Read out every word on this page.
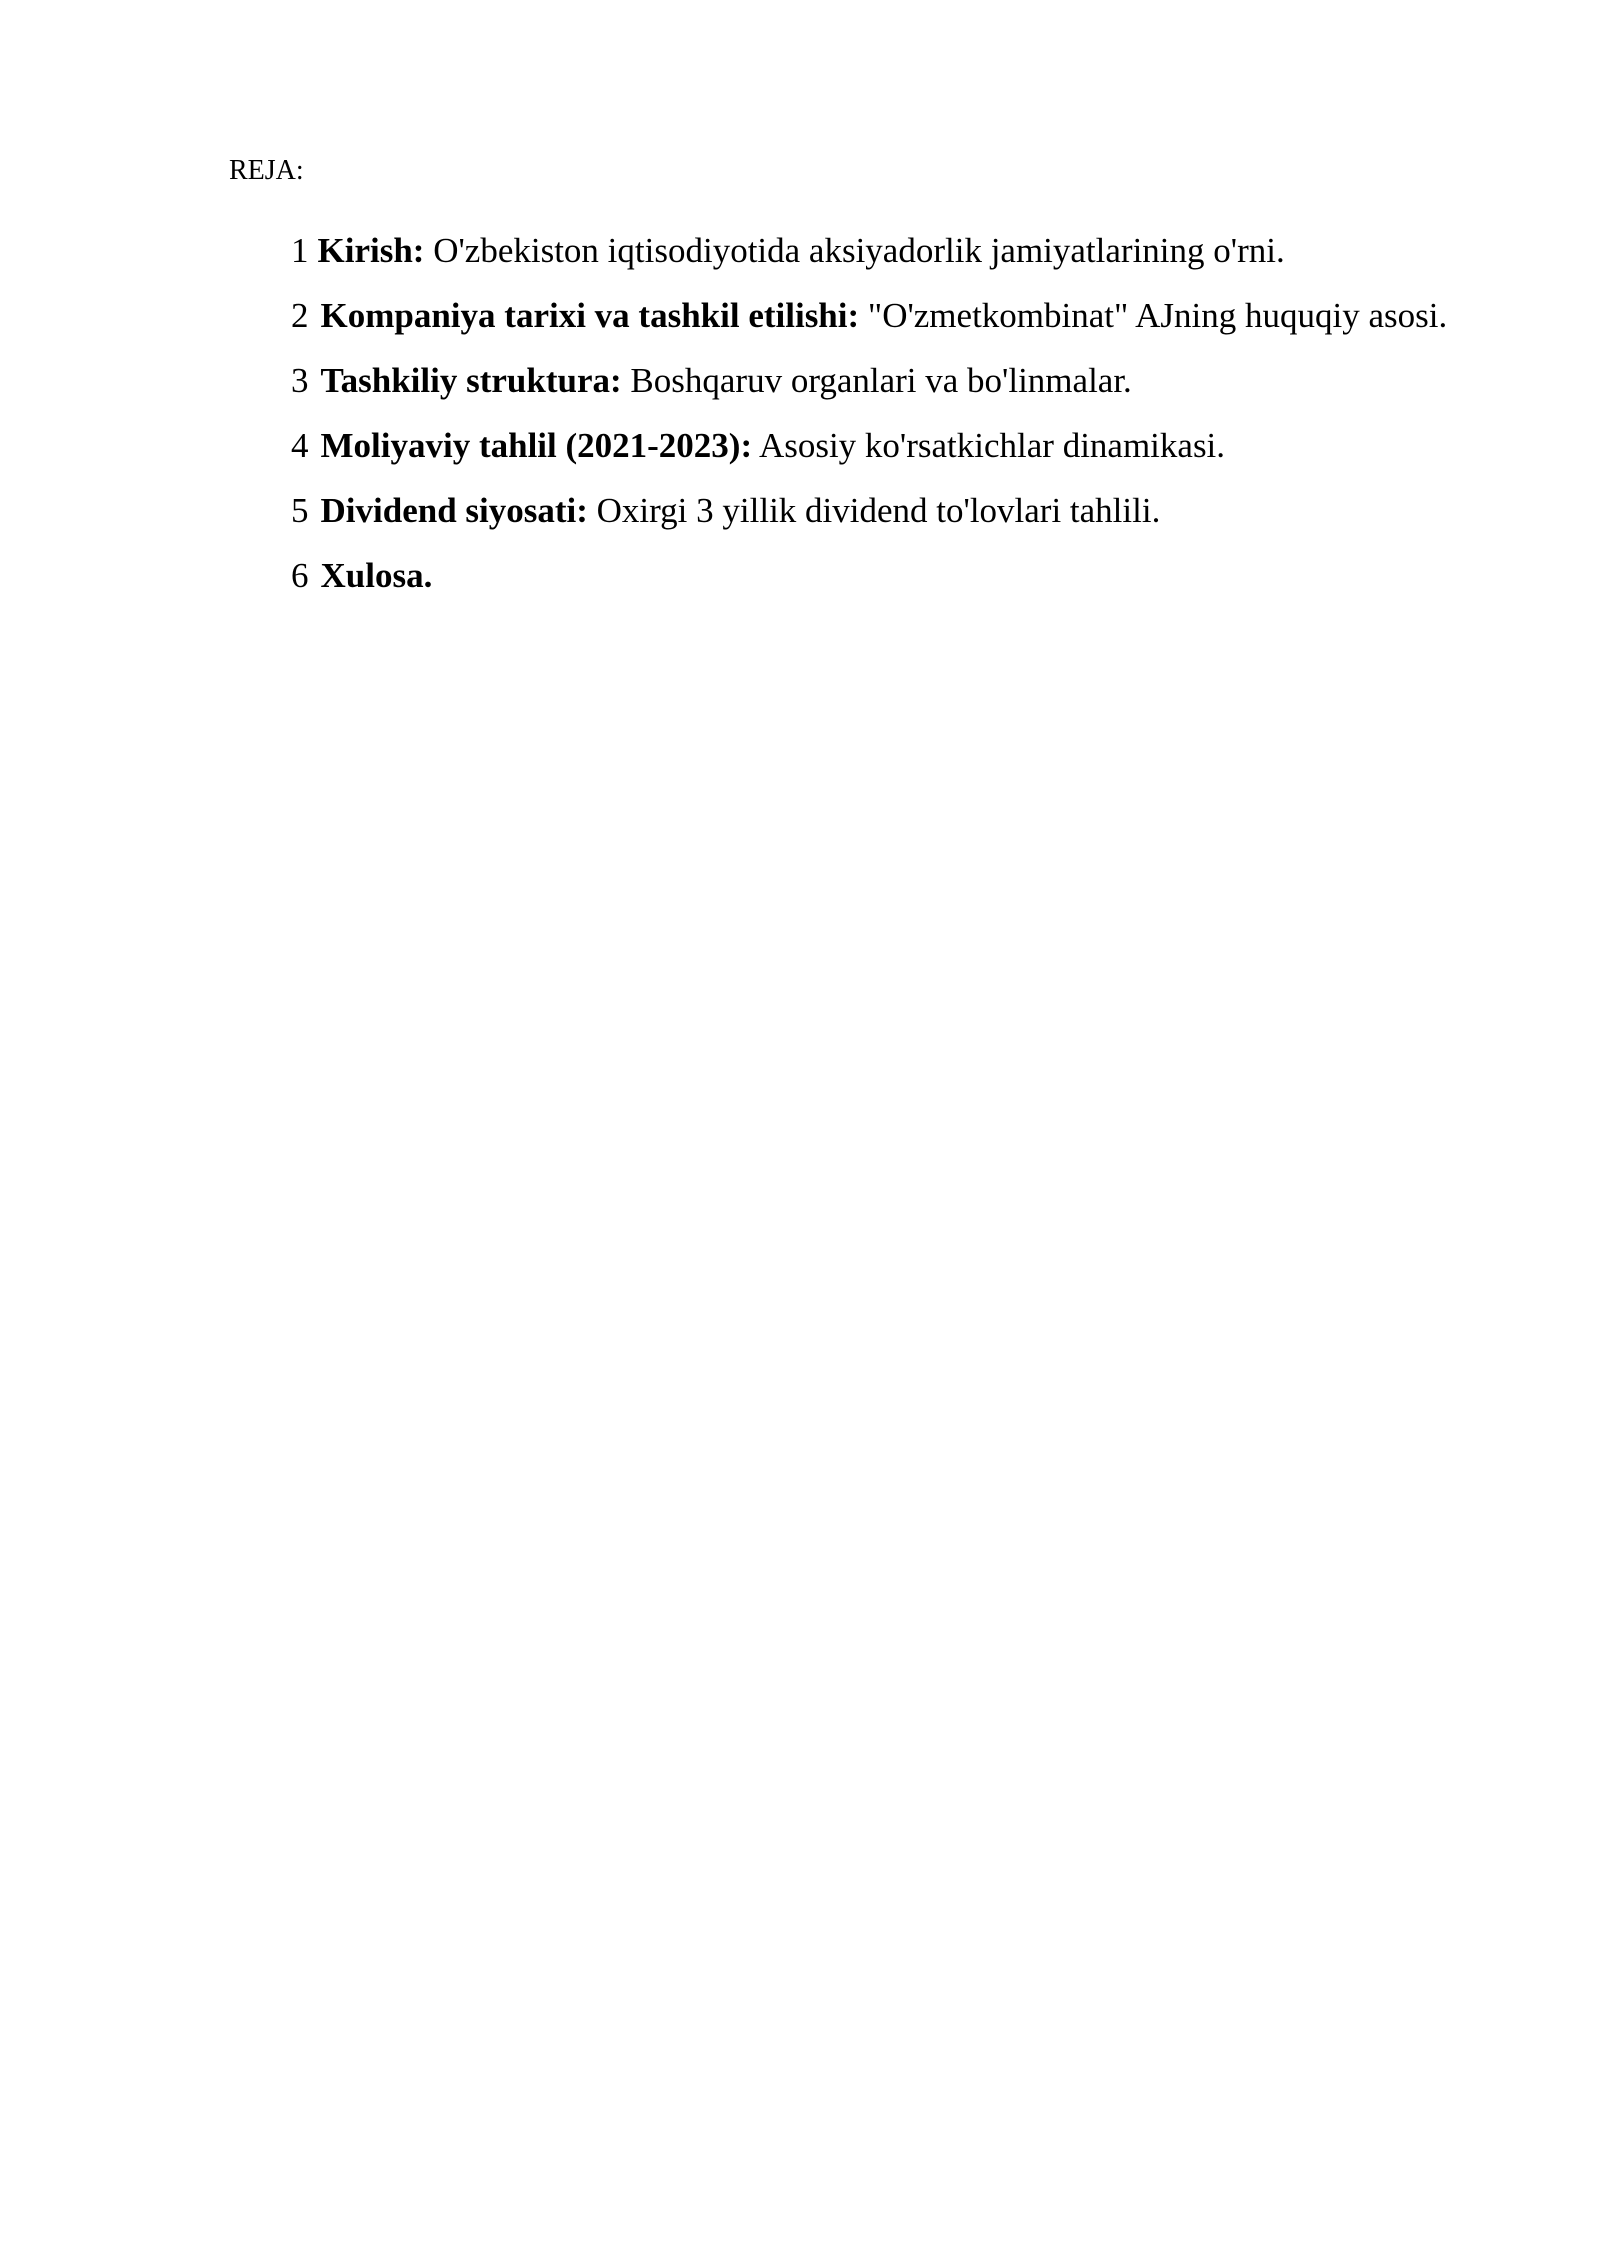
REJA:
1 Kirish: O'zbekiston iqtisodiyotida aksiyadorlik jamiyatlarining o'rni.
2 Kompaniya tarixi va tashkil etilishi: "O'zmetkombinat" AJning huquqiy asosi.
3 Tashkiliy struktura: Boshqaruv organlari va bo'linmalar.
4 Moliyaviy tahlil (2021-2023): Asosiy ko'rsatkichlar dinamikasi.
5 Dividend siyosati: Oxirgi 3 yillik dividend to'lovlari tahlili.
6 Xulosa.
